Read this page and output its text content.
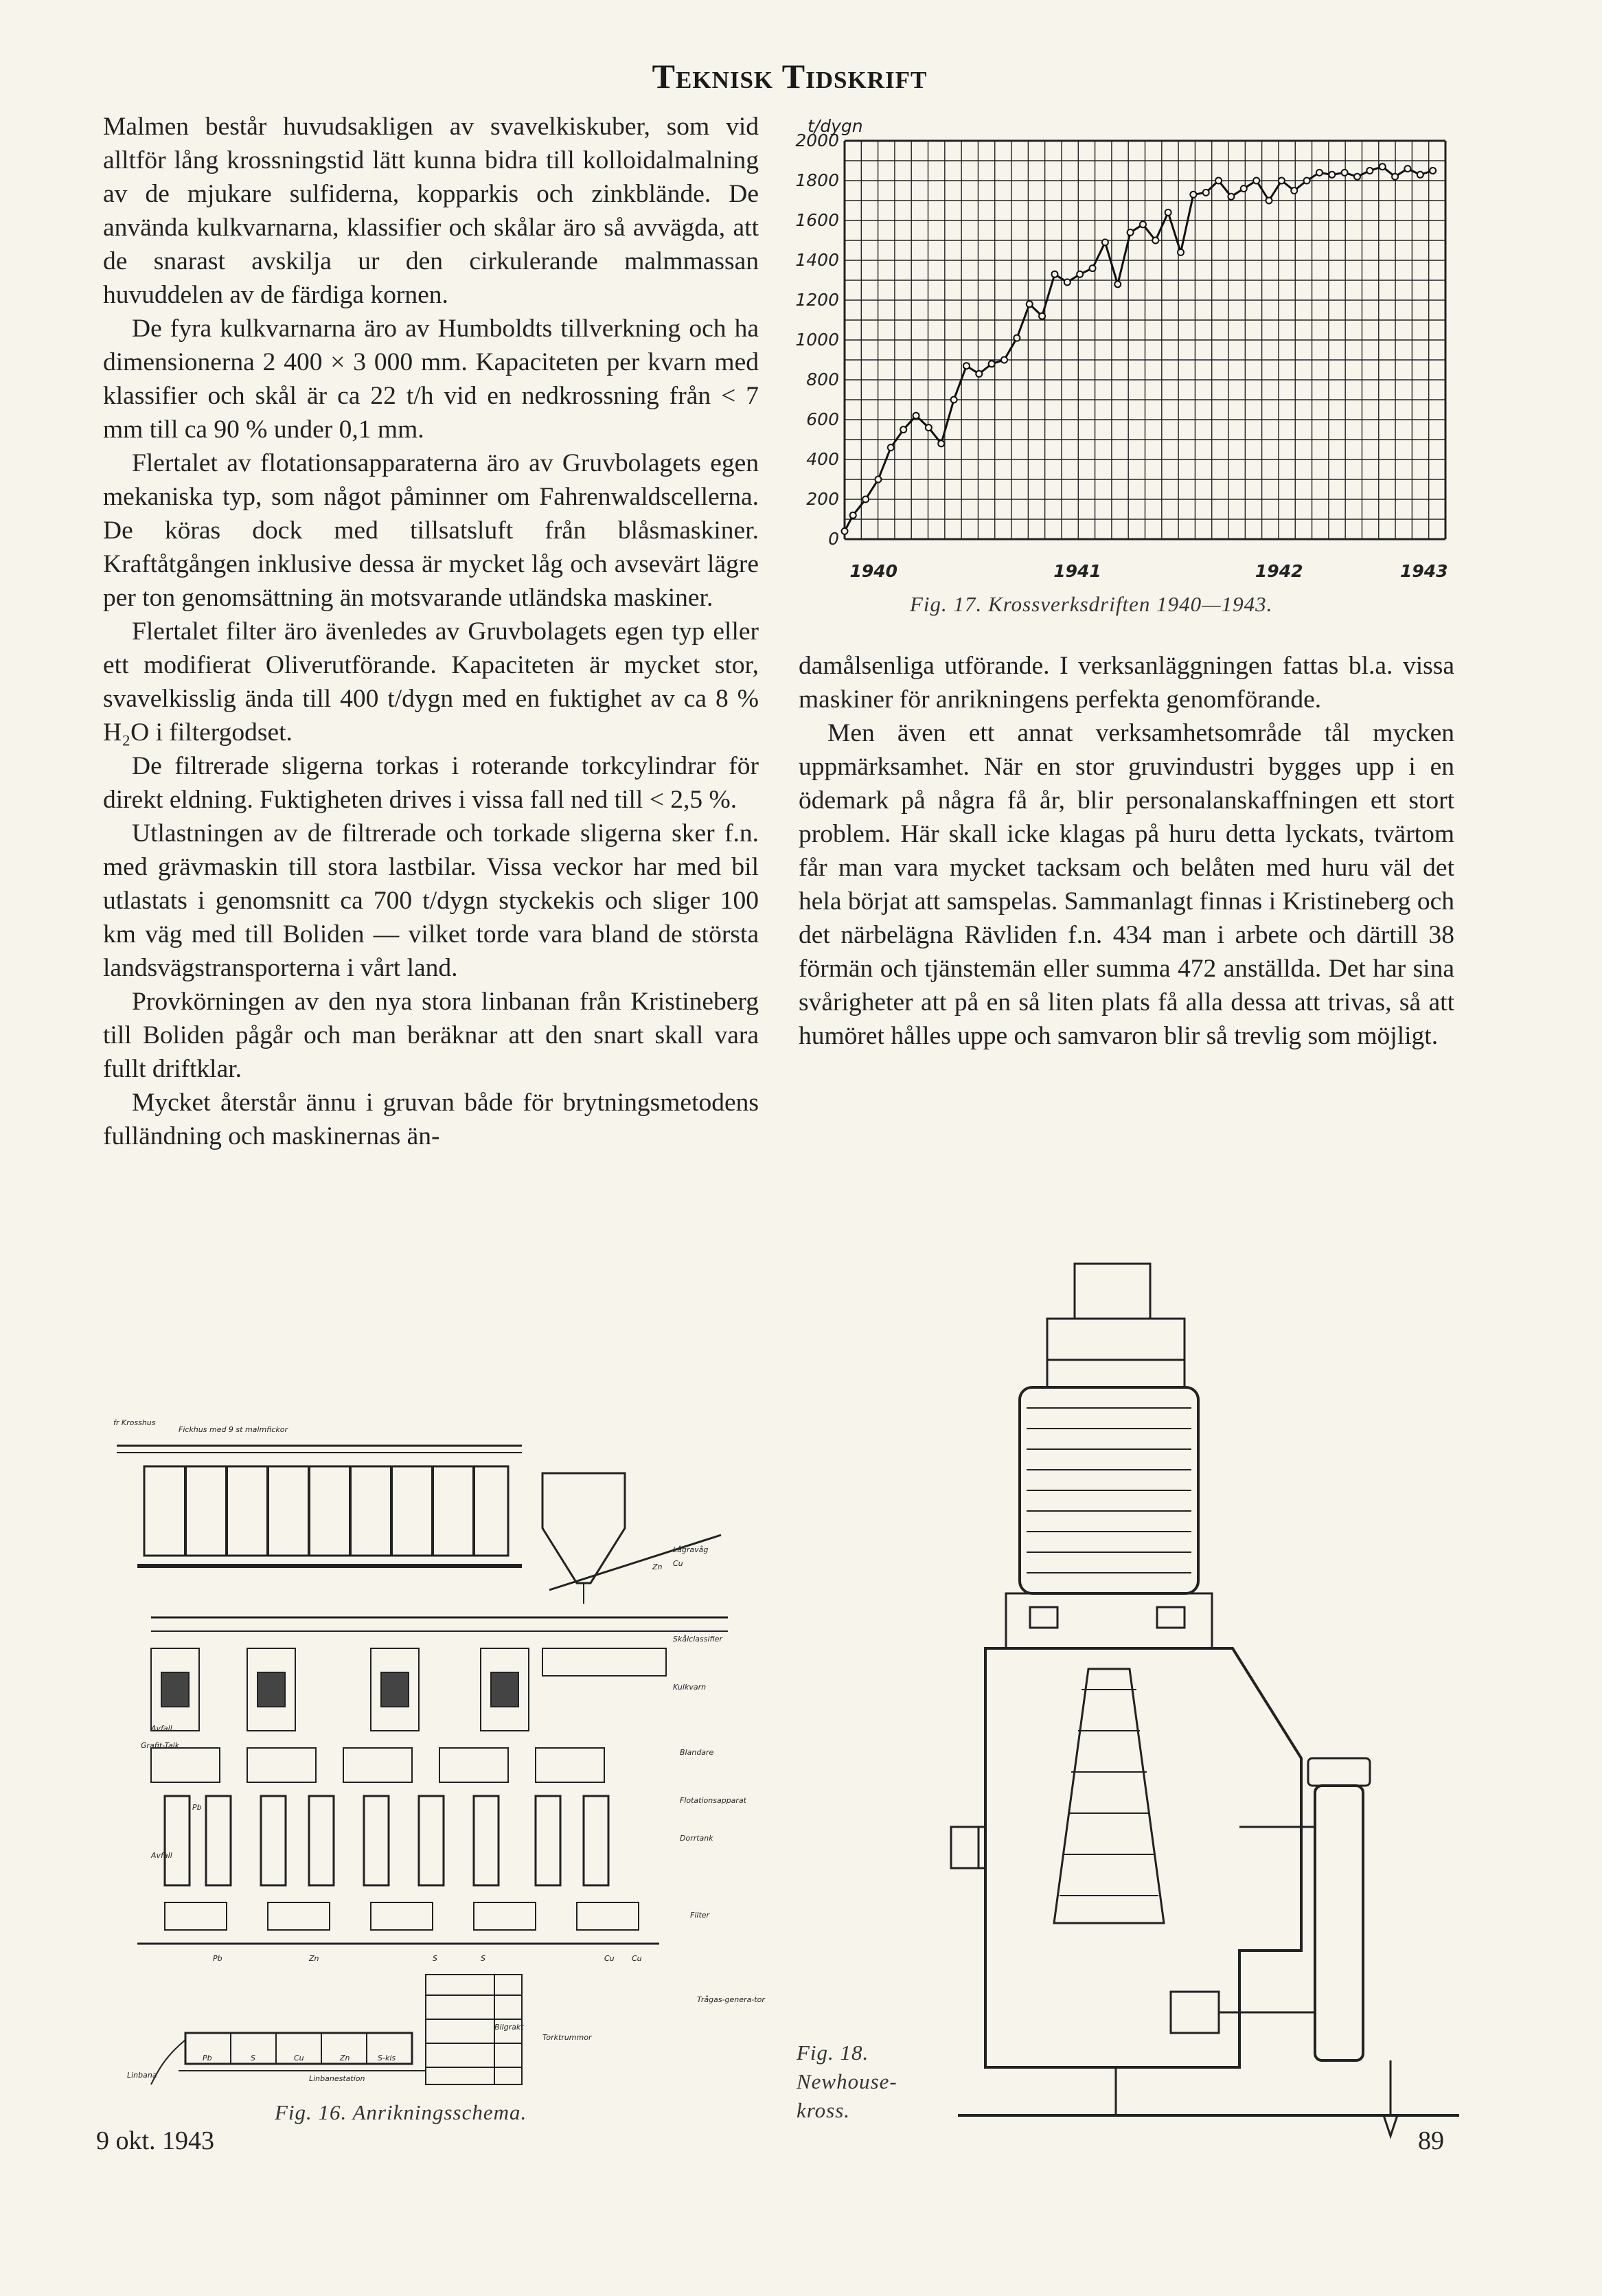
Teknisk Tidskrift

Malmen består huvudsakligen av svavelkiskuber, som vid alltför lång krossningstid lätt kunna bidra till kolloidalmalning av de mjukare sulfiderna, kopparkis och zinkblände. De använda kulkvarnarna, klassifier och skålar äro så avvägda, att de snarast avskilja ur den cirkulerande malmmassan huvuddelen av de färdiga kornen.

De fyra kulkvarnarna äro av Humboldts tillverkning och ha dimensionerna 2 400 × 3 000 mm. Kapaciteten per kvarn med klassifier och skål är ca 22 t/h vid en nedkrossning från < 7 mm till ca 90 % under 0,1 mm.

Flertalet av flotationsapparaterna äro av Gruvbolagets egen mekaniska typ, som något påminner om Fahrenwaldscellerna. De köras dock med tillsatsluft från blåsmaskiner. Kraftåtgången inklusive dessa är mycket låg och avsevärt lägre per ton genomsättning än motsvarande utländska maskiner.

Flertalet filter äro ävenledes av Gruvbolagets egen typ eller ett modifierat Oliverutförande. Kapaciteten är mycket stor, svavelkisslig ända till 400 t/dygn med en fuktighet av ca 8 % H₂O i filtergodset.

De filtrerade sligerna torkas i roterande torkcylindrar för direkt eldning. Fuktigheten drives i vissa fall ned till < 2,5 %.

Utlastningen av de filtrerade och torkade sligerna sker f.n. med grävmaskin till stora lastbilar. Vissa veckor har med bil utlastats i genomsnitt ca 700 t/dygn styckekis och sliger 100 km väg med till Boliden — vilket torde vara bland de största landsvägstransporterna i vårt land.

Provkörningen av den nya stora linbanan från Kristineberg till Boliden pågår och man beräknar att den snart skall vara fullt driftklar.

Mycket återstår ännu i gruvan både för brytningsmetodens fulländning och maskinernas än-

t/dygn
0
200
400
600
800
1000
1200
1400
1600
1800
2000
1940	1941	1942	1943
Fig. 17. Krossverksdriften 1940—1943.

damålsenliga utförande. I verksanläggningen fattas bl.a. vissa maskiner för anrikningens perfekta genomförande.

Men även ett annat verksamhetsområde tål mycken uppmärksamhet. När en stor gruvindustri bygges upp i en ödemark på några få år, blir personalanskaffningen ett stort problem. Här skall icke klagas på huru detta lyckats, tvärtom får man vara mycket tacksam och belåten med huru väl det hela börjat att samspelas. Sammanlagt finnas i Kristineberg och det närbelägna Rävliden f.n. 434 man i arbete och därtill 38 förmän och tjänstemän eller summa 472 anställda. Det har sina svårigheter att på en så liten plats få alla dessa att trivas, så att humöret hålles uppe och samvaron blir så trevlig som möjligt.

fr Krosshus
Fickhus med 9 st malmfickor
Lågravåg
Zn Cu
Skålclassifier
Kulkvarn
Blandare
Flotationsapparat
Dorrtank
Filter
Avfall
Grafit-Talk
Pb
Avfall
Torktrummor
Trågas-genera-tor
Bilgrakt
Linbanestation
Linbana
Pb	Zn	S	S	Cu Cu
Pb	S	Cu	Zn	S-kis
Fig. 16. Anrikningsschema.
Fig. 18. Newhouse-kross.
9 okt. 1943	89
